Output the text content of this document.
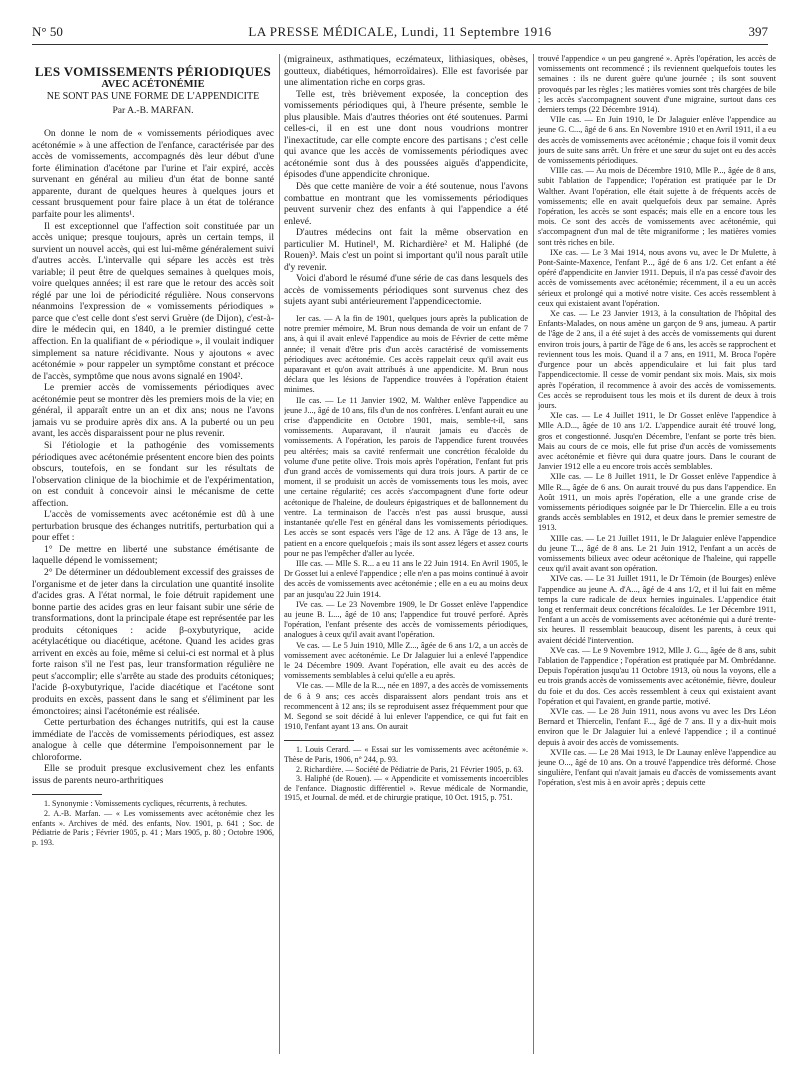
N° 50	LA PRESSE MÉDICALE, Lundi, 11 Septembre 1916	397
LES VOMISSEMENTS PÉRIODIQUES
AVEC ACÉTONÉMIE
NE SONT PAS UNE FORME DE L'APPENDICITE
Par A.-B. MARFAN.

On donne le nom de « vomissements périodiques avec acétonémie » à une affection de l'enfance, caractérisée par des accès de vomissements, accompagnés dès leur début d'une forte élimination d'acétone par l'urine et l'air expiré, accès survenant en général au milieu d'un état de bonne santé apparente, durant de quelques heures à quelques jours et cessant brusquement pour faire place à un état de tolérance parfaite pour les aliments¹.

Il est exceptionnel que l'affection soit constituée par un accès unique; presque toujours, après un certain temps, il survient un nouvel accès, qui est lui-même généralement suivi d'autres accès. L'intervalle qui sépare les accès est très variable; il peut être de quelques semaines à quelques mois, voire quelques années; il est rare que le retour des accès soit réglé par une loi de périodicité régulière. Nous conservons néanmoins l'expression de « vomissements périodiques » parce que c'est celle dont s'est servi Gruère (de Dijon), c'est-à-dire le médecin qui, en 1840, a le premier distingué cette affection. En la qualifiant de « périodique », il voulait indiquer simplement sa nature récidivante. Nous y ajoutons « avec acétonémie » pour rappeler un symptôme constant et précoce de l'accès, symptôme que nous avons signalé en 1904².

Le premier accès de vomissements périodiques avec acétonémie peut se montrer dès les premiers mois de la vie; en général, il apparaît entre un an et dix ans; nous ne l'avons jamais vu se produire après dix ans. A la puberté ou un peu avant, les accès disparaissent pour ne plus revenir.

Si l'étiologie et la pathogénie des vomissements périodiques avec acétonémie présentent encore bien des points obscurs, toutefois, en se fondant sur les résultats de l'observation clinique de la biochimie et de l'expérimentation, on est conduit à concevoir ainsi le mécanisme de cette affection.

L'accès de vomissements avec acétonémie est dû à une perturbation brusque des échanges nutritifs, perturbation qui a pour effet :

1° De mettre en liberté une substance émétisante de laquelle dépend le vomissement;

2° De déterminer un dédoublement excessif des graisses de l'organisme et de jeter dans la circulation une quantité insolite d'acides gras. A l'état normal, le foie détruit rapidement une bonne partie des acides gras en leur faisant subir une série de transformations, dont la principale étape est représentée par les produits cétoniques : acide β-oxybutyrique, acide acétylacétique ou diacétique, acétone. Quand les acides gras arrivent en excès au foie, même si celui-ci est normal et à plus forte raison s'il ne l'est pas, leur transformation régulière ne peut s'accomplir; elle s'arrête au stade des produits cétoniques; l'acide β-oxybutyrique, l'acide diacétique et l'acétone sont produits en excès, passent dans le sang et s'éliminent par les émonctoires; ainsi l'acétonémie est réalisée.

Cette perturbation des échanges nutritifs, qui est la cause immédiate de l'accès de vomissements périodiques, est assez analogue à celle que détermine l'empoisonnement par le chloroforme.

Elle se produit presque exclusivement chez les enfants issus de parents neuro-arthritiques

1. Synonymie : Vomissements cycliques, récurrents, à rechutes.

2. A.-B. Marfan. — « Les vomissements avec acétonémie chez les enfants ». Archives de méd. des enfants, Nov. 1901, p. 641 ; Soc. de Pédiatrie de Paris ; Février 1905, p. 41 ; Mars 1905, p. 80 ; Octobre 1906, p. 193.

(migraineux, asthmatiques, eczémateux, lithiasiques, obèses, goutteux, diabétiques, hémorroïdaires). Elle est favorisée par une alimentation riche en corps gras.

Telle est, très brièvement exposée, la conception des vomissements périodiques qui, à l'heure présente, semble le plus plausible. Mais d'autres théories ont été soutenues. Parmi celles-ci, il en est une dont nous voudrions montrer l'inexactitude, car elle compte encore des partisans ; c'est celle qui avance que les accès de vomissements périodiques avec acétonémie sont dus à des poussées aiguës d'appendicite, épisodes d'une appendicite chronique.

Dès que cette manière de voir a été soutenue, nous l'avons combattue en montrant que les vomissements périodiques peuvent survenir chez des enfants à qui l'appendice a été enlevé.

D'autres médecins ont fait la même observation en particulier M. Hutinel¹, M. Richardière² et M. Haliphé (de Rouen)³. Mais c'est un point si important qu'il nous paraît utile d'y revenir.

Voici d'abord le résumé d'une série de cas dans lesquels des accès de vomissements périodiques sont survenus chez des sujets ayant subi antérieurement l'appendicectomie.

Ier cas. — A la fin de 1901, quelques jours après la publication de notre premier mémoire, M. Brun nous demanda de voir un enfant de 7 ans, à qui il avait enlevé l'appendice au mois de Février de cette même année; il venait d'être pris d'un accès caractérisé de vomissements périodiques avec acétonémie. Ces accès rappelait ceux qu'il avait eus auparavant et qu'on avait attribués à une appendicite. M. Brun nous déclara que les lésions de l'appendice trouvées à l'opération étaient minimes.

IIe cas. — Le 11 Janvier 1902, M. Walther enlève l'appendice au jeune J..., âgé de 10 ans, fils d'un de nos confrères. L'enfant aurait eu une crise d'appendicite en Octobre 1901, mais, semble-t-il, sans vomissements. Auparavant, il n'aurait jamais eu d'accès de vomissements. A l'opération, les parois de l'appendice furent trouvées peu altérées; mais sa cavité renfermait une concrétion fécaloïde du volume d'une petite olive. Trois mois après l'opération, l'enfant fut pris d'un grand accès de vomissements qui dura trois jours. A partir de ce moment, il se produisit un accès de vomissements tous les mois, avec une certaine régularité; ces accès s'accompagnent d'une forte odeur acétonique de l'haleine, de douleurs épigastriques et de ballonnement du ventre. La terminaison de l'accès n'est pas aussi brusque, aussi instantanée qu'elle l'est en général dans les vomissements périodiques. Les accès se sont espacés vers l'âge de 12 ans. A l'âge de 13 ans, le patient en a encore quelquefois ; mais ils sont assez légers et assez courts pour ne pas l'empêcher d'aller au lycée.

IIIe cas. — Mlle S. R... a eu 11 ans le 22 Juin 1914. En Avril 1905, le Dr Gosset lui a enlevé l'appendice ; elle n'en a pas moins continué à avoir des accès de vomissements avec acétonémie ; elle en a eu au moins deux par an jusqu'au 22 Juin 1914.

IVe cas. — Le 23 Novembre 1909, le Dr Gosset enlève l'appendice au jeune B. L..., âgé de 10 ans; l'appendice fut trouvé perforé. Après l'opération, l'enfant présente des accès de vomissements périodiques, analogues à ceux qu'il avait avant l'opération.

Ve cas. — Le 5 Juin 1910, Mlle Z..., âgée de 6 ans 1/2, a un accès de vomissement avec acétonémie. Le Dr Jalaguier lui a enlevé l'appendice le 24 Décembre 1909. Avant l'opération, elle avait eu des accès de vomissements semblables à celui qu'elle a eu après.

VIe cas. — Mlle de la R..., née en 1897, a des accès de vomissements de 6 à 9 ans; ces accès disparaissent alors pendant trois ans et recommencent à 12 ans; ils se reproduisent assez fréquemment pour que M. Segond se soit décidé à lui enlever l'appendice, ce qui fut fait en 1910, l'enfant ayant 13 ans. On aurait

1. Louis Cerard. — « Essai sur les vomissements avec acétonémie ». Thèse de Paris, 1906, n° 244, p. 93.

2. Richardière. — Société de Pédiatrie de Paris, 21 Février 1905, p. 63.

3. Haliphé (de Rouen). — « Appendicite et vomissements incoercibles de l'enfance. Diagnostic différentiel ». Revue médicale de Normandie, 1915, et Journal. de méd. et de chirurgie pratique, 10 Oct. 1915, p. 751.

trouvé l'appendice « un peu gangrené ». Après l'opération, les accès de vomissements ont recommencé ; ils reviennent quelquefois toutes les semaines : ils ne durent guère qu'une journée ; ils sont souvent provoqués par les règles ; les matières vomies sont très chargées de bile ; les accès s'accompagnent souvent d'une migraine, surtout dans ces derniers temps (22 Décembre 1914).

VIIe cas. — En Juin 1910, le Dr Jalaguier enlève l'appendice au jeune G. C..., âgé de 6 ans. En Novembre 1910 et en Avril 1911, il a eu des accès de vomissements avec acétonémie ; chaque fois il vomit deux jours de suite sans arrêt. Un frère et une sœur du sujet ont eu des accès de vomissements périodiques.

VIIIe cas. — Au mois de Décembre 1910, Mlle P..., âgée de 8 ans, subit l'ablation de l'appendice; l'opération est pratiquée par le Dr Walther. Avant l'opération, elle était sujette à de fréquents accès de vomissements; elle en avait quelquefois deux par semaine. Après l'opération, les accès se sont espacés; mais elle en a encore tous les mois. Ce sont des accès de vomissements avec acétonémie, qui s'accompagnent d'un mal de tête migraniforme ; les matières vomies sont très riches en bile.

IXe cas. — Le 3 Mai 1914, nous avons vu, avec le Dr Mulette, à Pont-Sainte-Maxence, l'enfant P..., âgé de 6 ans 1/2. Cet enfant a été opéré d'appendicite en Janvier 1911. Depuis, il n'a pas cessé d'avoir des accès de vomissements avec acétonémie; récemment, il a eu un accès sérieux et prolongé qui a motivé notre visite. Ces accès ressemblent à ceux qui existaient avant l'opération.

Xe cas. — Le 23 Janvier 1913, à la consultation de l'hôpital des Enfants-Malades, on nous amène un garçon de 9 ans, jumeau. A partir de l'âge de 2 ans, il a été sujet à des accès de vomissements qui durent environ trois jours, à partir de l'âge de 6 ans, les accès se rapprochent et reviennent tous les mois. Quand il a 7 ans, en 1911, M. Broca l'opère d'urgence pour un abcès appendiculaire et lui fait plus tard l'appendicectomie. Il cesse de vomir pendant six mois. Mais, six mois après l'opération, il recommence à avoir des accès de vomissements. Ces accès se reproduisent tous les mois et ils durent de deux à trois jours.

XIe cas. — Le 4 Juillet 1911, le Dr Gosset enlève l'appendice à Mlle A.D..., âgée de 10 ans 1/2. L'appendice aurait été trouvé long, gros et congestionné. Jusqu'en Décembre, l'enfant se porte très bien. Mais au cours de ce mois, elle fut prise d'un accès de vomissements avec acétonémie et fièvre qui dura quatre jours. Dans le courant de Janvier 1912 elle a eu encore trois accès semblables.

XIIe cas. — Le 8 Juillet 1911, le Dr Gosset enlève l'appendice à Mlle R..., âgée de 6 ans. On aurait trouvé du pus dans l'appendice. En Août 1911, un mois après l'opération, elle a une grande crise de vomissements périodiques soignée par le Dr Thiercelin. Elle a eu trois grands accès semblables en 1912, et deux dans le premier semestre de 1913.

XIIIe cas. — Le 21 Juillet 1911, le Dr Jalaguier enlève l'appendice du jeune T..., âgé de 8 ans. Le 21 Juin 1912, l'enfant a un accès de vomissements bilieux avec odeur acétonique de l'haleine, qui rappelle ceux qu'il avait avant son opération.

XIVe cas. — Le 31 Juillet 1911, le Dr Témoin (de Bourges) enlève l'appendice au jeune A. d'A..., âgé de 4 ans 1/2, et il lui fait en même temps la cure radicale de deux hernies inguinales. L'appendice était long et renfermait deux concrétions fécaloïdes. Le 1er Décembre 1911, l'enfant a un accès de vomissements avec acétonémie qui a duré trente-six heures. Il ressemblait beaucoup, disent les parents, à ceux qui avaient décidé l'intervention.

XVe cas. — Le 9 Novembre 1912, Mlle J. G..., âgée de 8 ans, subit l'ablation de l'appendice ; l'opération est pratiquée par M. Ombrédanne. Depuis l'opération jusqu'au 11 Octobre 1913, où nous la voyons, elle a eu trois grands accès de vomissements avec acétonémie, fièvre, douleur du foie et du dos. Ces accès ressemblent à ceux qui existaient avant l'opération et qui l'avaient, en grande partie, motivé.

XVIe cas. — Le 28 Juin 1911, nous avons vu avec les Drs Léon Bernard et Thiercelin, l'enfant F..., âgé de 7 ans. Il y a dix-huit mois environ que le Dr Jalaguier lui a enlevé l'appendice ; il a continué depuis à avoir des accès de vomissements.

XVIIe cas. — Le 28 Mai 1913, le Dr Launay enlève l'appendice au jeune O..., âgé de 10 ans. On a trouvé l'appendice très déformé. Chose singulière, l'enfant qui n'avait jamais eu d'accès de vomissements avant l'opération, s'est mis à en avoir après ; depuis cette
